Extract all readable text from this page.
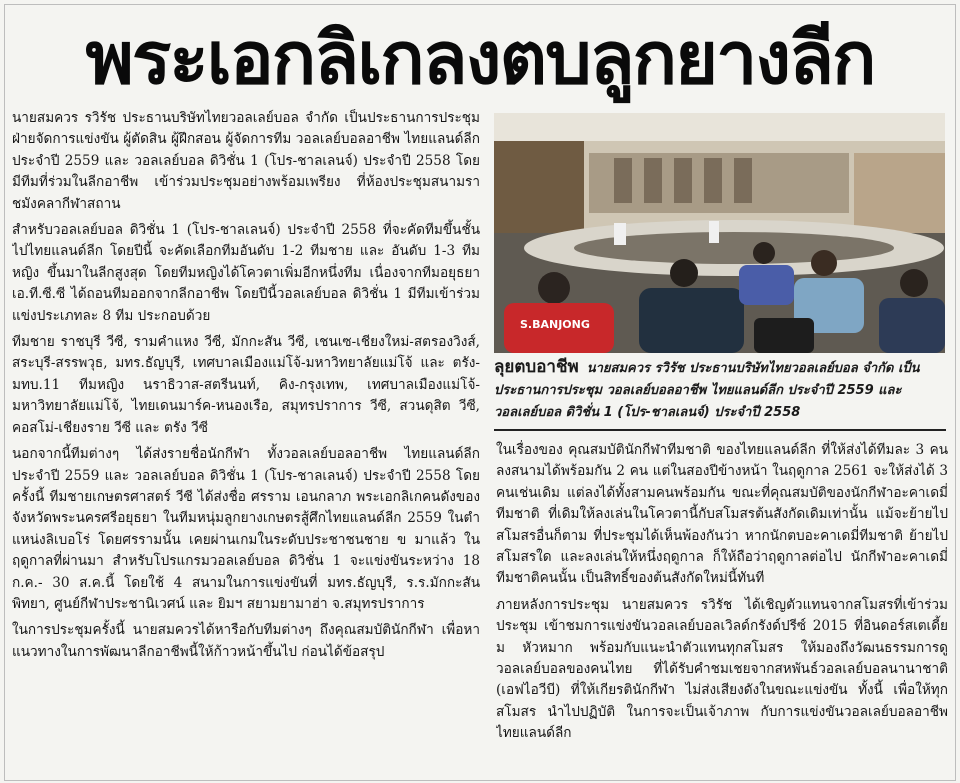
พระเอกลิเกลงตบลูกยางลีก

นายสมควร รวิรัช ประธานบริษัทไทยวอลเลย์บอล จำกัด เป็นประธานการประชุม ฝ่ายจัดการแข่งขัน ผู้ตัดสิน ผู้ฝึกสอน ผู้จัดการทีม วอลเลย์บอลอาชีพ ไทยแลนด์ลีก ประจำปี 2559 และ วอลเลย์บอล ดิวิชั่น 1 (โปร-ชาลเลนจ์) ประจำปี 2558 โดยมีทีมที่ร่วมในลีกอาชีพ เข้าร่วมประชุมอย่างพร้อมเพรียง ที่ห้องประชุมสนามราชมังคลากีฬาสถาน

สำหรับวอลเลย์บอล ดิวิชั่น 1 (โปร-ชาลเลนจ์) ประจำปี 2558 ที่จะคัดทีมขึ้นชั้นไปไทยแลนด์ลีก โดยปีนี้ จะคัดเลือกทีมอันดับ 1-2 ทีมชาย และ อันดับ 1-3 ทีมหญิง ขึ้นมาในลีกสูงสุด โดยทีมหญิงได้โควตาเพิ่มอีกหนึ่งทีม เนื่องจากทีมอยุธยา เอ.ที.ซี.ซี ได้ถอนทีมออกจากลีกอาชีพ โดยปีนี้วอลเลย์บอล ดิวิชั่น 1 มีทีมเข้าร่วมแข่งประเภทละ 8 ทีม ประกอบด้วย

ทีมชาย ราชบุรี วีซี, รามคำแหง วีซี, มักกะสัน วีซี, เชนเซ-เชียงใหม่-สตรองวิงส์, สระบุรี-สรรพวุธ, มทร.ธัญบุรี, เทศบาลเมืองแม่โจ้-มหาวิทยาลัยแม่โจ้ และ ตรัง-มทบ.11 ทีมหญิง นราธิวาส-สตรีนนท์, คิง-กรุงเทพ, เทศบาลเมืองแม่โจ้-มหาวิทยาลัยแม่โจ้, ไทยเดนมาร์ค-หนองเรือ, สมุทรปราการ วีซี, สวนดุสิต วีซี, คอสโม่-เชียงราย วีซี และ ตรัง วีซี

นอกจากนี้ทีมต่างๆ ได้ส่งรายชื่อนักกีฬา ทั้งวอลเลย์บอลอาชีพ ไทยแลนด์ลีก ประจำปี 2559 และ วอลเลย์บอล ดิวิชั่น 1 (โปร-ชาลเลนจ์) ประจำปี 2558 โดยครั้งนี้ ทีมชายเกษตรศาสตร์ วีซี ได้ส่งชื่อ ศรราม เอนกลาภ พระเอกลิเกคนดังของจังหวัดพระนครศรีอยุธยา ในทีมหนุ่มลูกยางเกษตรสู้ศึกไทยแลนด์ลีก 2559 ในตำแหน่งลิเบอโร่ โดยศรรามนั้น เคยผ่านเกมในระดับประชาชนชาย ข มาแล้ว ในฤดูกาลที่ผ่านมา สำหรับโปรแกรมวอลเลย์บอล ดิวิชั่น 1 จะแข่งขันระหว่าง 18 ก.ค.- 30 ส.ค.นี้ โดยใช้ 4 สนามในการแข่งขันที่ มทร.ธัญบุรี, ร.ร.มักกะสันพิทยา, ศูนย์กีฬาประชานิเวศน์ และ ยิมฯ สยามยามาฮ่า จ.สมุทรปราการ

ในการประชุมครั้งนี้ นายสมควรได้หารือกับทีมต่างๆ ถึงคุณสมบัตินักกีฬา เพื่อหาแนวทางในการพัฒนาลีกอาชีพนี้ให้ก้าวหน้าขึ้นไป ก่อนได้ข้อสรุป

S.BANJONG
ลุยตบอาชีพ นายสมควร รวิรัช ประธานบริษัทไทยวอลเลย์บอล จำกัด เป็นประธานการประชุม วอลเลย์บอลอาชีพ ไทยแลนด์ลีก ประจำปี 2559 และ วอลเลย์บอล ดิวิชั่น 1 (โปร-ชาลเลนจ์) ประจำปี 2558

ในเรื่องของ คุณสมบัตินักกีฬาทีมชาติ ของไทยแลนด์ลีก ที่ให้ส่งได้ทีมละ 3 คน ลงสนามได้พร้อมกัน 2 คน แต่ในสองปีข้างหน้า ในฤดูกาล 2561 จะให้ส่งได้ 3 คนเช่นเดิม แต่ลงได้ทั้งสามคนพร้อมกัน ขณะที่คุณสมบัติของนักกีฬาอะคาเดมี่ทีมชาติ ที่เดิมให้ลงเล่นในโควตานี้กับสโมสรต้นสังกัดเดิมเท่านั้น แม้จะย้ายไปสโมสรอื่นก็ตาม ที่ประชุมได้เห็นพ้องกันว่า หากนักตบอะคาเดมี่ทีมชาติ ย้ายไปสโมสรใด และลงเล่นให้หนึ่งฤดูกาล ก็ให้ถือว่าฤดูกาลต่อไป นักกีฬาอะคาเดมี่ทีมชาติคนนั้น เป็นสิทธิ์ของต้นสังกัดใหม่นี้ทันที

ภายหลังการประชุม นายสมควร รวิรัช ได้เชิญตัวแทนจากสโมสรที่เข้าร่วมประชุม เข้าชมการแข่งขันวอลเลย์บอลเวิลด์กรังด์ปรีซ์ 2015 ที่อินดอร์สเตเดี้ยม หัวหมาก พร้อมกับแนะนำตัวแทนทุกสโมสร ให้มองถึงวัฒนธรรมการดูวอลเลย์บอลของคนไทย ที่ได้รับคำชมเชยจากสหพันธ์วอลเลย์บอลนานาชาติ (เอฟไอวีบี) ที่ให้เกียรตินักกีฬา ไม่ส่งเสียงดังในขณะแข่งขัน ทั้งนี้ เพื่อให้ทุกสโมสร นำไปปฏิบัติ ในการจะเป็นเจ้าภาพ กับการแข่งขันวอลเลย์บอลอาชีพ ไทยแลนด์ลีก
